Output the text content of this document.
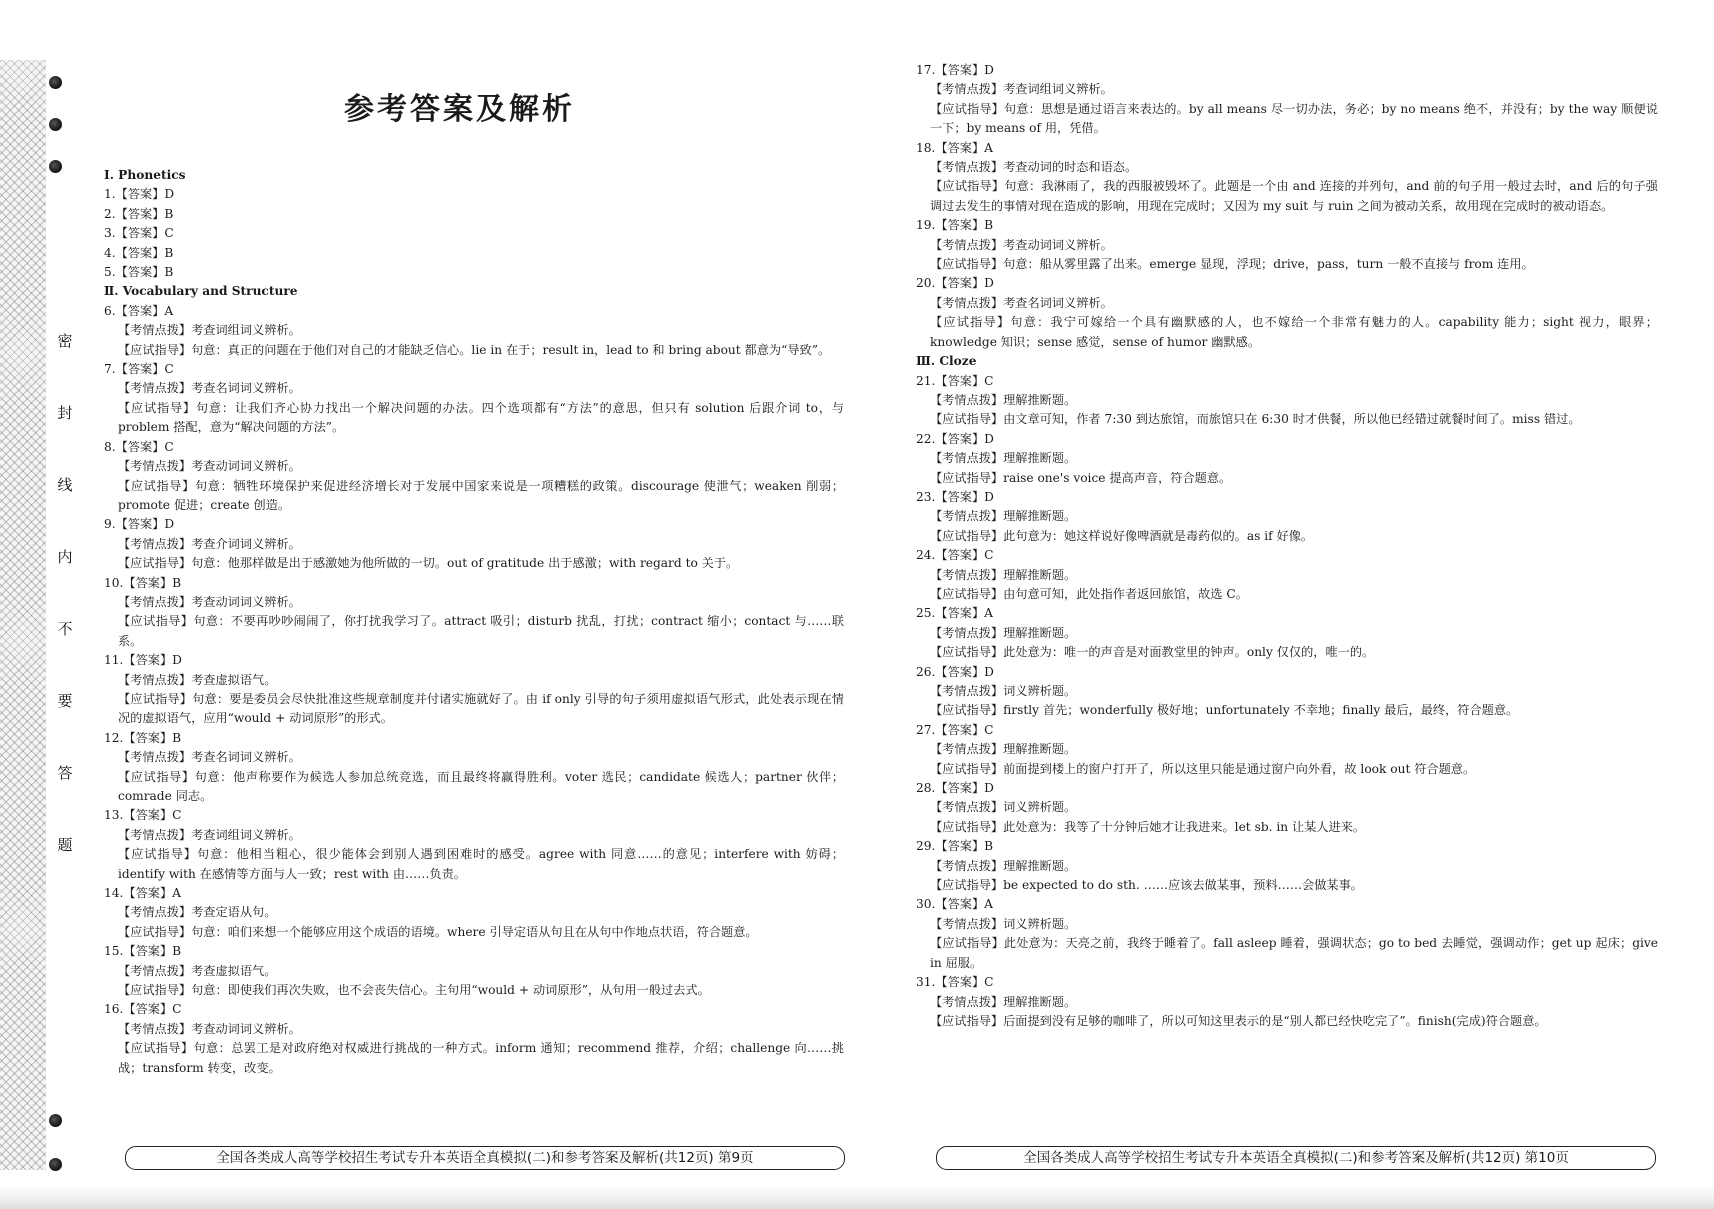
密
封
线
内
不
要
答
题
参考答案及解析
Ⅰ. Phonetics
1.【答案】D
2.【答案】B
3.【答案】C
4.【答案】B
5.【答案】B
Ⅱ. Vocabulary and Structure
6.【答案】A
【考情点拨】考查词组词义辨析。
【应试指导】句意：真正的问题在于他们对自己的才能缺乏信心。lie in 在于；result in，lead to 和 bring about 都意为“导致”。
7.【答案】C
【考情点拨】考查名词词义辨析。
【应试指导】句意：让我们齐心协力找出一个解决问题的办法。四个选项都有“方法”的意思，但只有 solution 后跟介词 to，与 problem 搭配，意为“解决问题的方法”。
8.【答案】C
【考情点拨】考查动词词义辨析。
【应试指导】句意：牺牲环境保护来促进经济增长对于发展中国家来说是一项糟糕的政策。discourage 使泄气；weaken 削弱；promote 促进；create 创造。
9.【答案】D
【考情点拨】考查介词词义辨析。
【应试指导】句意：他那样做是出于感激她为他所做的一切。out of gratitude 出于感激；with regard to 关于。
10.【答案】B
【考情点拨】考查动词词义辨析。
【应试指导】句意：不要再吵吵闹闹了，你打扰我学习了。attract 吸引；disturb 扰乱，打扰；contract 缩小；contact 与……联系。
11.【答案】D
【考情点拨】考查虚拟语气。
【应试指导】句意：要是委员会尽快批准这些规章制度并付诸实施就好了。由 if only 引导的句子须用虚拟语气形式，此处表示现在情况的虚拟语气，应用“would + 动词原形”的形式。
12.【答案】B
【考情点拨】考查名词词义辨析。
【应试指导】句意：他声称要作为候选人参加总统竞选，而且最终将赢得胜利。voter 选民；candidate 候选人；partner 伙伴；comrade 同志。
13.【答案】C
【考情点拨】考查词组词义辨析。
【应试指导】句意：他相当粗心，很少能体会到别人遇到困难时的感受。agree with 同意……的意见；interfere with 妨碍；identify with 在感情等方面与人一致；rest with 由……负责。
14.【答案】A
【考情点拨】考查定语从句。
【应试指导】句意：咱们来想一个能够应用这个成语的语境。where 引导定语从句且在从句中作地点状语，符合题意。
15.【答案】B
【考情点拨】考查虚拟语气。
【应试指导】句意：即使我们再次失败，也不会丧失信心。主句用“would + 动词原形”，从句用一般过去式。
16.【答案】C
【考情点拨】考查动词词义辨析。
【应试指导】句意：总罢工是对政府绝对权威进行挑战的一种方式。inform 通知；recommend 推荐，介绍；challenge 向……挑战；transform 转变，改变。
17.【答案】D
【考情点拨】考查词组词义辨析。
【应试指导】句意：思想是通过语言来表达的。by all means 尽一切办法，务必；by no means 绝不，并没有；by the way 顺便说一下；by means of 用，凭借。
18.【答案】A
【考情点拨】考查动词的时态和语态。
【应试指导】句意：我淋雨了，我的西服被毁坏了。此题是一个由 and 连接的并列句，and 前的句子用一般过去时，and 后的句子强调过去发生的事情对现在造成的影响，用现在完成时；又因为 my suit 与 ruin 之间为被动关系，故用现在完成时的被动语态。
19.【答案】B
【考情点拨】考查动词词义辨析。
【应试指导】句意：船从雾里露了出来。emerge 显现，浮现；drive，pass，turn 一般不直接与 from 连用。
20.【答案】D
【考情点拨】考查名词词义辨析。
【应试指导】句意：我宁可嫁给一个具有幽默感的人，也不嫁给一个非常有魅力的人。capability 能力；sight 视力，眼界；knowledge 知识；sense 感觉，sense of humor 幽默感。
Ⅲ. Cloze
21.【答案】C
【考情点拨】理解推断题。
【应试指导】由文章可知，作者 7:30 到达旅馆，而旅馆只在 6:30 时才供餐，所以他已经错过就餐时间了。miss 错过。
22.【答案】D
【考情点拨】理解推断题。
【应试指导】raise one's voice 提高声音，符合题意。
23.【答案】D
【考情点拨】理解推断题。
【应试指导】此句意为：她这样说好像啤酒就是毒药似的。as if 好像。
24.【答案】C
【考情点拨】理解推断题。
【应试指导】由句意可知，此处指作者返回旅馆，故选 C。
25.【答案】A
【考情点拨】理解推断题。
【应试指导】此处意为：唯一的声音是对面教堂里的钟声。only 仅仅的，唯一的。
26.【答案】D
【考情点拨】词义辨析题。
【应试指导】firstly 首先；wonderfully 极好地；unfortunately 不幸地；finally 最后，最终，符合题意。
27.【答案】C
【考情点拨】理解推断题。
【应试指导】前面提到楼上的窗户打开了，所以这里只能是通过窗户向外看，故 look out 符合题意。
28.【答案】D
【考情点拨】词义辨析题。
【应试指导】此处意为：我等了十分钟后她才让我进来。let sb. in 让某人进来。
29.【答案】B
【考情点拨】理解推断题。
【应试指导】be expected to do sth. ……应该去做某事，预料……会做某事。
30.【答案】A
【考情点拨】词义辨析题。
【应试指导】此处意为：天亮之前，我终于睡着了。fall asleep 睡着，强调状态；go to bed 去睡觉，强调动作；get up 起床；give in 屈服。
31.【答案】C
【考情点拨】理解推断题。
【应试指导】后面提到没有足够的咖啡了，所以可知这里表示的是“别人都已经快吃完了”。finish(完成)符合题意。
全国各类成人高等学校招生考试专升本英语全真模拟(二)和参考答案及解析(共12页) 第9页	全国各类成人高等学校招生考试专升本英语全真模拟(二)和参考答案及解析(共12页) 第10页
